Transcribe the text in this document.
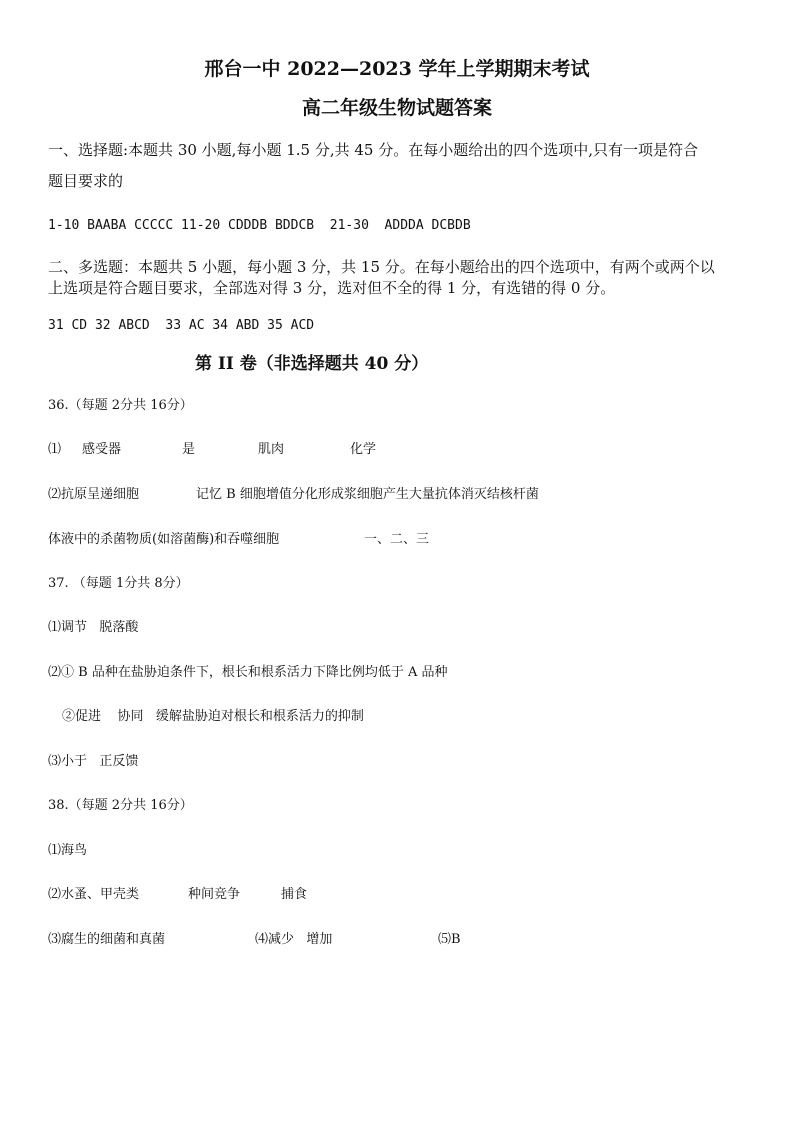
邢台一中 2022—2023 学年上学期期末考试
高二年级生物试题答案
一、选择题:本题共 30 小题,每小题 1.5 分,共 45 分。在每小题给出的四个选项中,只有一项是符合
题目要求的
1-10 BAABA CCCCC 11-20 CDDDB BDDCB  21-30  ADDDA DCBDB
二、多选题：本题共 5 小题，每小题 3 分，共 15 分。在每小题给出的四个选项中，有两个或两个以
上选项是符合题目要求，全部选对得 3 分，选对但不全的得 1 分，有选错的得 0 分。
31 CD 32 ABCD  33 AC 34 ABD 35 ACD
第 II 卷（非选择题共 40 分）
36.（每题 2分共 16分）
⑴ 感受器	是	肌肉	化学
⑵抗原呈递细胞	记忆 B 细胞增值分化形成浆细胞产生大量抗体消灭结核杆菌
体液中的杀菌物质(如溶菌酶)和吞噬细胞	一、二、三
37. （每题 1分共 8分）
⑴调节   脱落酸
⑵① B 品种在盐胁迫条件下，根长和根系活力下降比例均低于 A 品种
②促进    协同   缓解盐胁迫对根长和根系活力的抑制
⑶小于   正反馈
38.（每题 2分共 16分）
⑴海鸟
⑵水蚤、甲壳类	种间竞争	捕食
⑶腐生的细菌和真菌	⑷减少   增加	⑸B
